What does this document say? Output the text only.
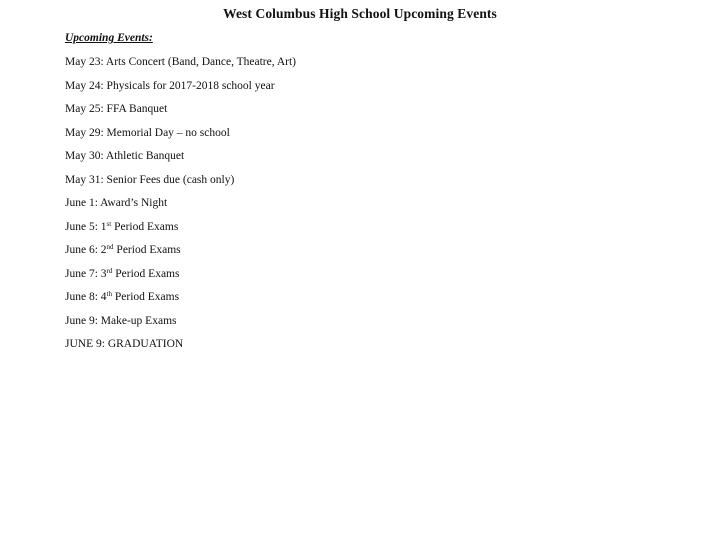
West Columbus High School Upcoming Events
Upcoming Events:
May 23: Arts Concert (Band, Dance, Theatre, Art)
May 24: Physicals for 2017-2018 school year
May 25: FFA Banquet
May 29: Memorial Day – no school
May 30: Athletic Banquet
May 31: Senior Fees due (cash only)
June 1: Award’s Night
June 5: 1st Period Exams
June 6: 2nd Period Exams
June 7: 3rd Period Exams
June 8: 4th Period Exams
June 9: Make-up Exams
JUNE 9: GRADUATION
